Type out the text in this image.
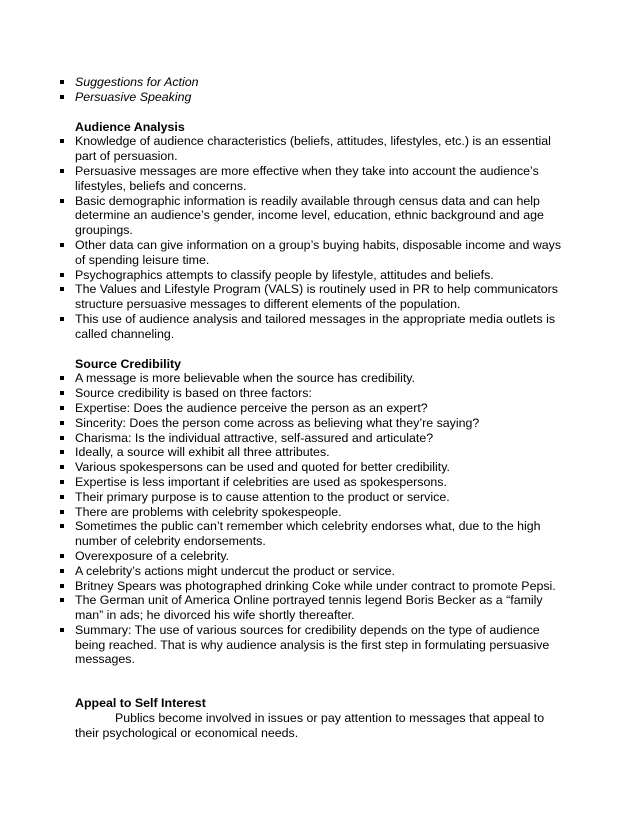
Suggestions for Action
Persuasive Speaking
Audience Analysis
Knowledge of audience characteristics (beliefs, attitudes, lifestyles, etc.) is an essential part of persuasion.
Persuasive messages are more effective when they take into account the audience’s lifestyles, beliefs and concerns.
Basic demographic information is readily available through census data and can help determine an audience’s gender, income level, education, ethnic background and age groupings.
Other data can give information on a group’s buying habits, disposable income and ways of spending leisure time.
Psychographics attempts to classify people by lifestyle, attitudes and beliefs.
The Values and Lifestyle Program (VALS) is routinely used in PR to help communicators structure persuasive messages to different elements of the population.
This use of audience analysis and tailored messages in the appropriate media outlets is called channeling.
Source Credibility
A message is more believable when the source has credibility.
Source credibility is based on three factors:
Expertise: Does the audience perceive the person as an expert?
Sincerity: Does the person come across as believing what they’re saying?
Charisma: Is the individual attractive, self-assured and articulate?
Ideally, a source will exhibit all three attributes.
Various spokespersons can be used and quoted for better credibility.
Expertise is less important if celebrities are used as spokespersons.
Their primary purpose is to cause attention to the product or service.
There are problems with celebrity spokespeople.
Sometimes the public can’t remember which celebrity endorses what, due to the high number of celebrity endorsements.
Overexposure of a celebrity.
A celebrity’s actions might undercut the product or service.
Britney Spears was photographed drinking Coke while under contract to promote Pepsi.
The German unit of America Online portrayed tennis legend Boris Becker as a “family man” in ads; he divorced his wife shortly thereafter.
Summary: The use of various sources for credibility depends on the type of audience being reached. That is why audience analysis is the first step in formulating persuasive messages.
Appeal to Self Interest
Publics become involved in issues or pay attention to messages that appeal to their psychological or economical needs.
